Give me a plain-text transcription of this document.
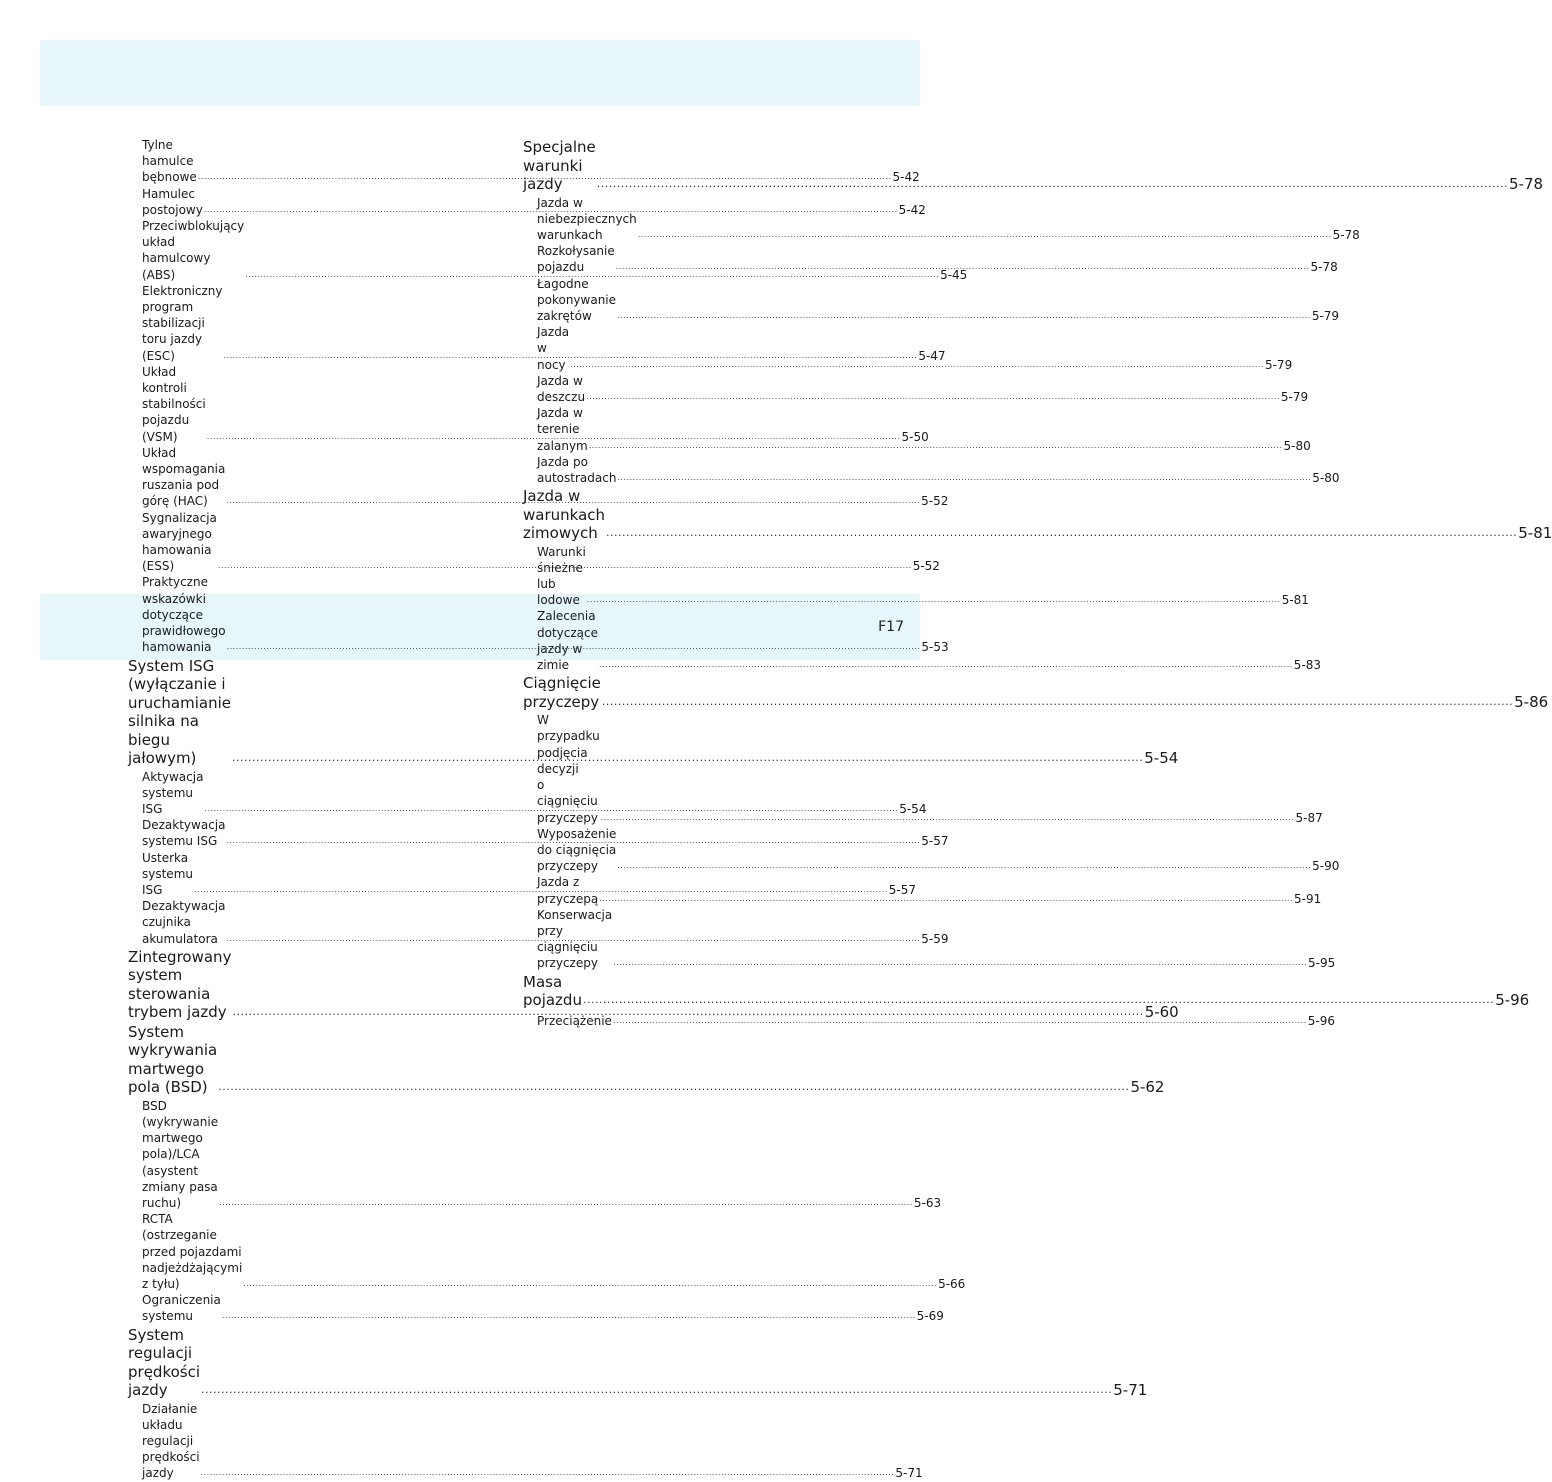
Tylne hamulce bębnowe .....	5-42
Hamulec postojowy .....	5-42
Przeciwblokujący układ hamulcowy (ABS) .....	5-45
Elektroniczny program stabilizacji toru jazdy (ESC) .....	5-47
Układ kontroli stabilności pojazdu (VSM) .....	5-50
Układ wspomagania ruszania pod górę (HAC) .....	5-52
Sygnalizacja awaryjnego hamowania (ESS) .....	5-52
Praktyczne wskazówki dotyczące
prawidłowego hamowania .....	5-53
System ISG (wyłączanie i uruchamianie
silnika na biegu jałowym) .....	5-54
Aktywacja systemu ISG .....	5-54
Dezaktywacja systemu ISG .....	5-57
Usterka systemu ISG .....	5-57
Dezaktywacja czujnika akumulatora .....	5-59
Zintegrowany system sterowania
trybem jazdy .....	5-60
System wykrywania martwego pola (BSD) .....	5-62
BSD (wykrywanie martwego pola)/LCA
(asystent zmiany pasa ruchu) .....	5-63
RCTA (ostrzeganie przed pojazdami
nadjeżdżającymi z tyłu) .....	5-66
Ograniczenia systemu .....	5-69
System regulacji prędkości jazdy .....	5-71
Działanie układu regulacji prędkości jazdy .....	5-71
Specjalne warunki jazdy .....	5-78
Jazda w niebezpiecznych warunkach .....	5-78
Rozkołysanie pojazdu .....	5-78
Łagodne pokonywanie zakrętów .....	5-79
Jazda w nocy .....	5-79
Jazda w deszczu .....	5-79
Jazda w terenie zalanym .....	5-80
Jazda po autostradach .....	5-80
Jazda w warunkach zimowych .....	5-81
Warunki śnieżne lub lodowe .....	5-81
Zalecenia dotyczące jazdy w zimie .....	5-83
Ciągnięcie przyczepy .....	5-86
W przypadku podjęcia decyzji
o ciągnięciu przyczepy .....	5-87
Wyposażenie do ciągnięcia przyczepy .....	5-90
Jazda z przyczepą .....	5-91
Konserwacja przy ciągnięciu przyczepy .....	5-95
Masa pojazdu .....	5-96
Przeciążenie .....	5-96
F17
